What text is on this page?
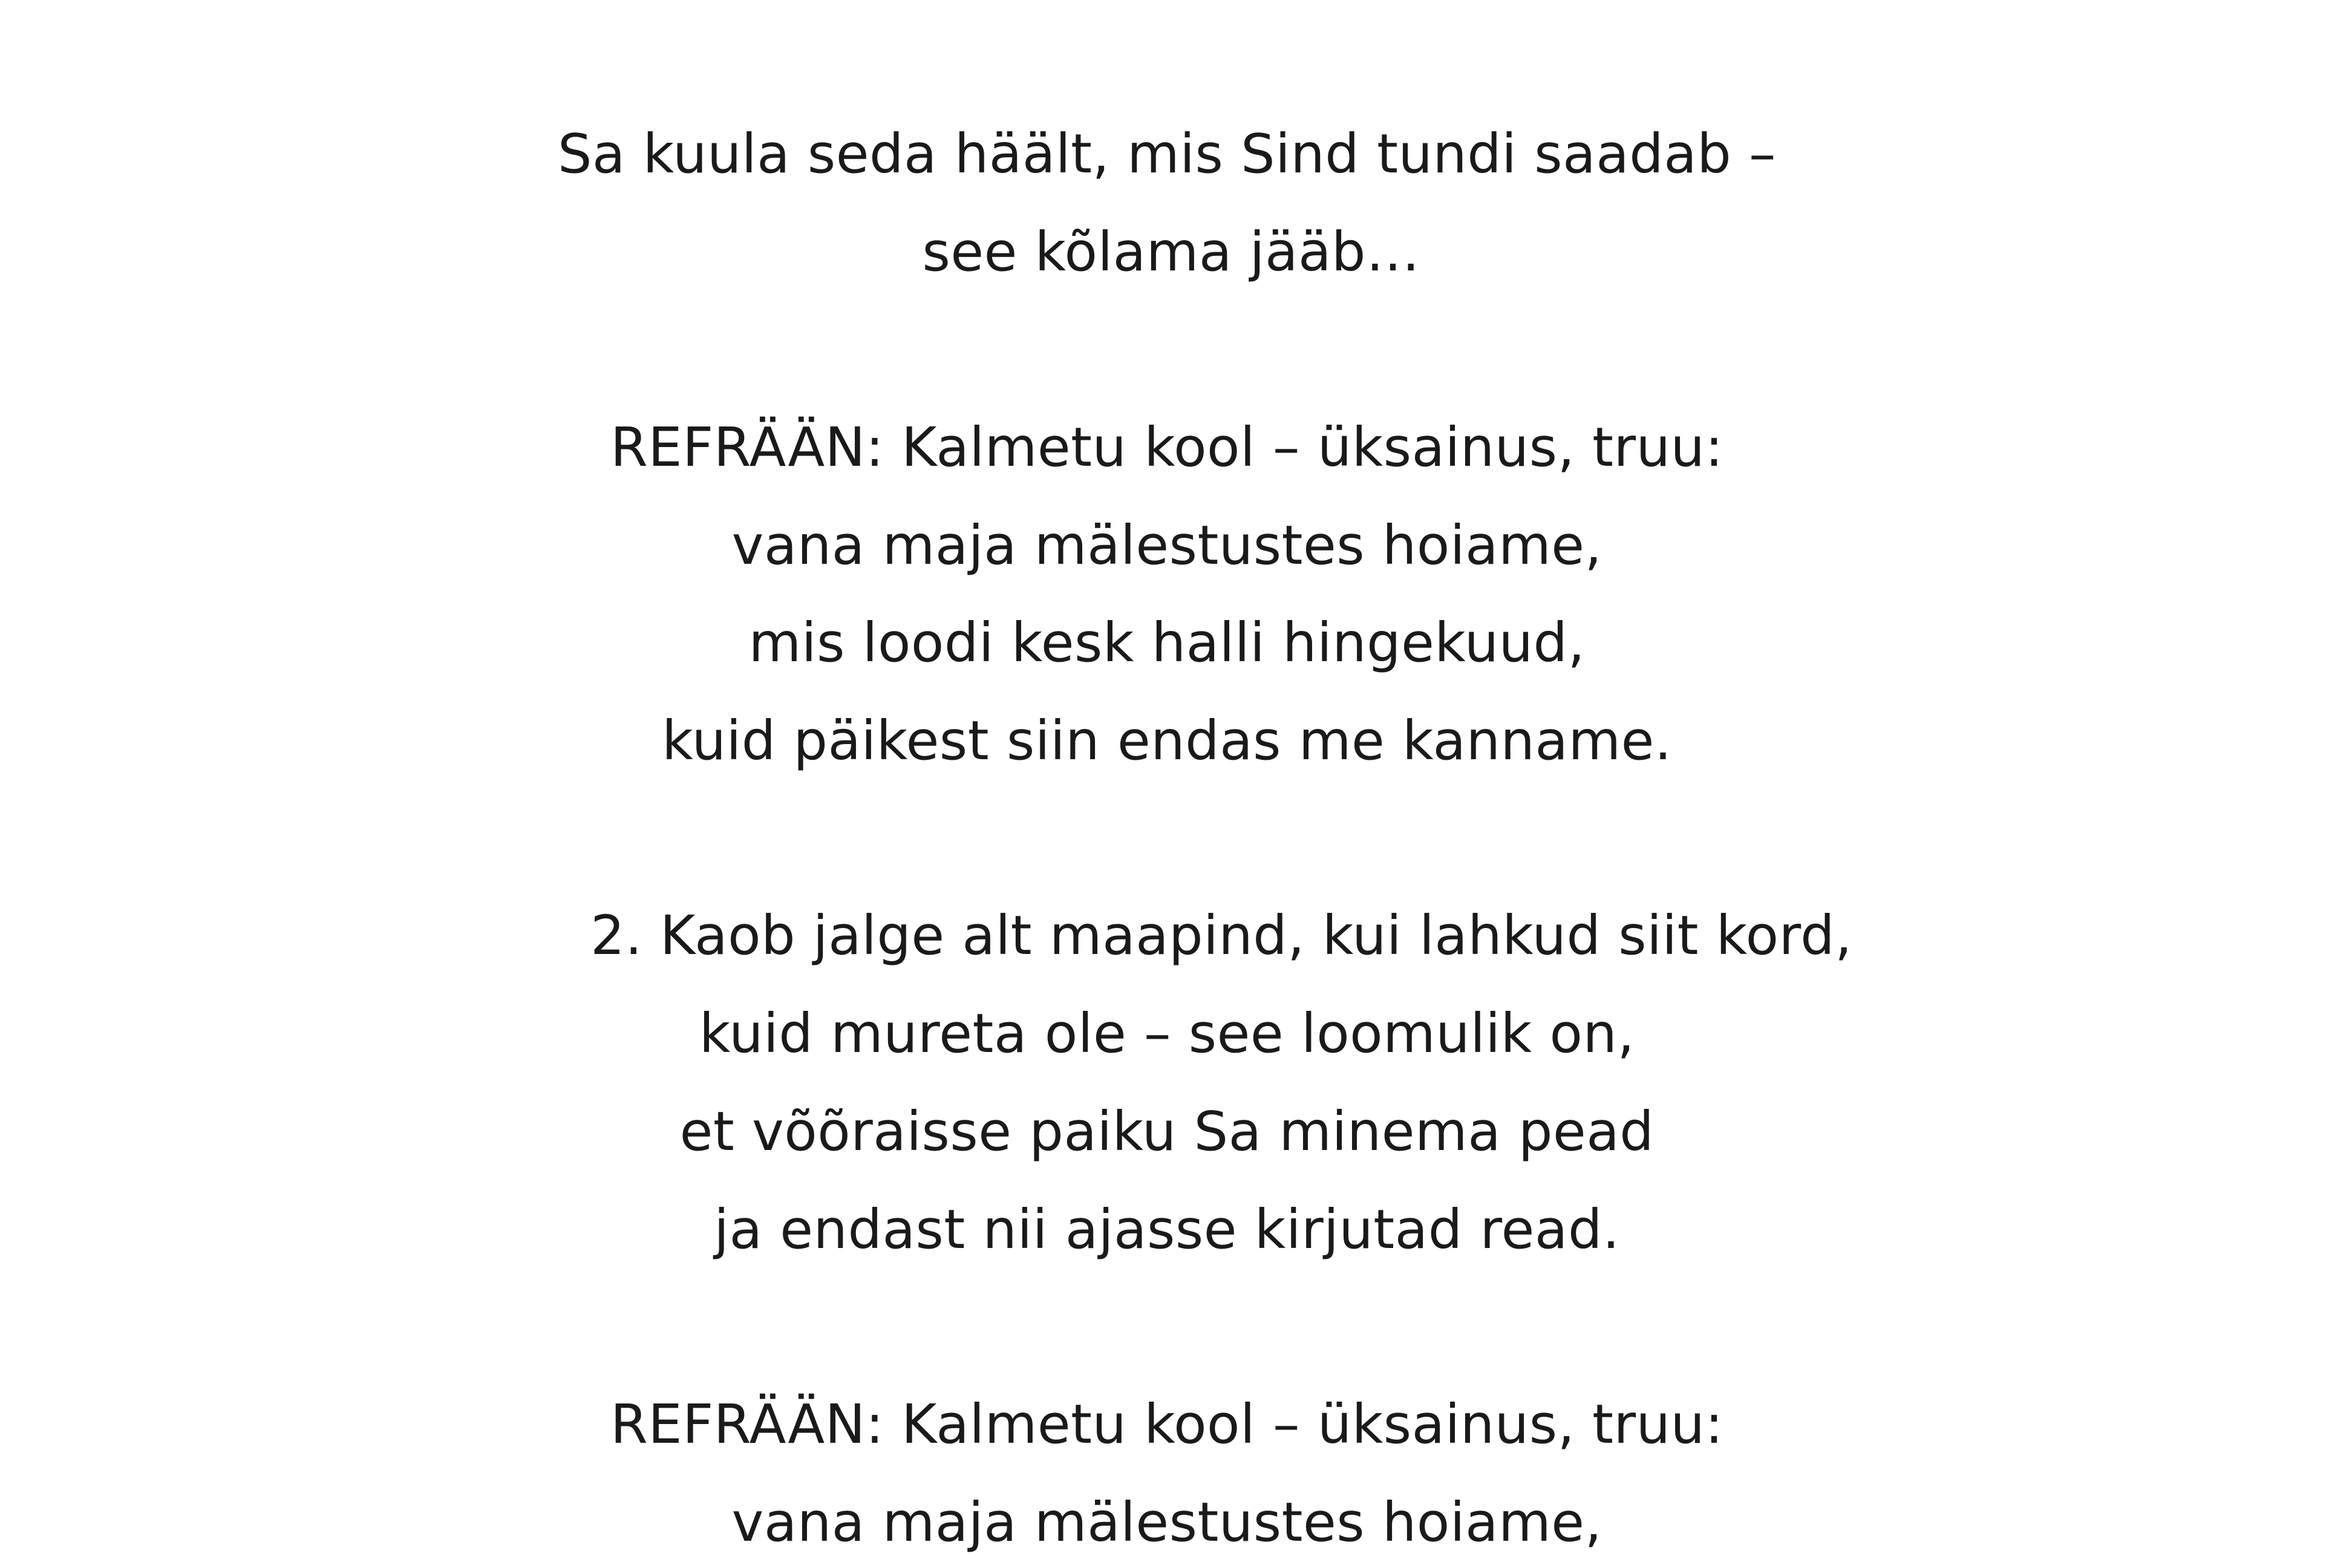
Sa kuula seda häält, mis Sind tundi saadab –
see kõlama jääb…
REFRÄÄN: Kalmetu kool – üksainus, truu:
vana maja mälestustes hoiame,
mis loodi kesk halli hingekuud,
kuid päikest siin endas me kanname.
2. Kaob jalge alt maapind, kui lahkud siit kord,
kuid mureta ole – see loomulik on,
et võõraisse paiku Sa minema pead
ja endast nii ajasse kirjutad read.
REFRÄÄN: Kalmetu kool – üksainus, truu:
vana maja mälestustes hoiame,
